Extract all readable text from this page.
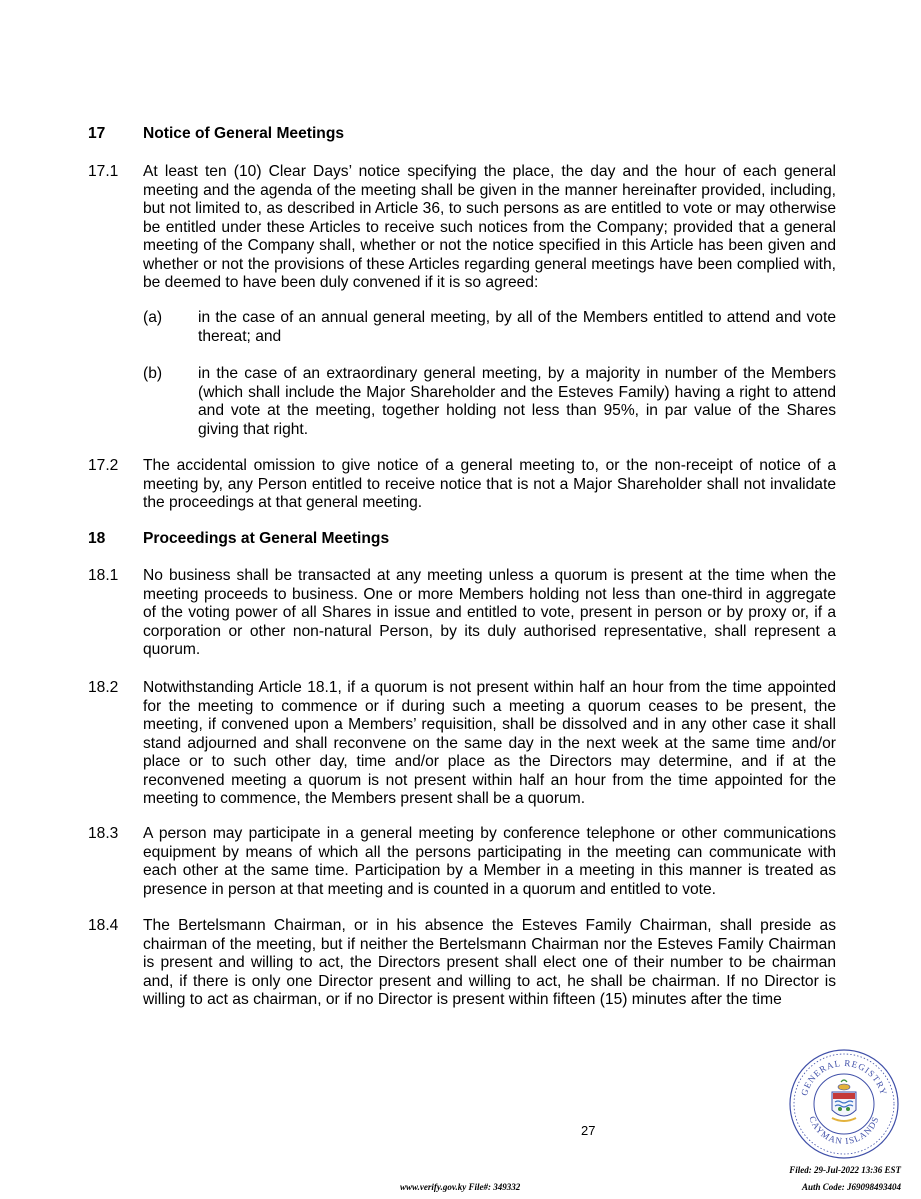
17 Notice of General Meetings
17.1 At least ten (10) Clear Days’ notice specifying the place, the day and the hour of each general meeting and the agenda of the meeting shall be given in the manner hereinafter provided, including, but not limited to, as described in Article 36, to such persons as are entitled to vote or may otherwise be entitled under these Articles to receive such notices from the Company; provided that a general meeting of the Company shall, whether or not the notice specified in this Article has been given and whether or not the provisions of these Articles regarding general meetings have been complied with, be deemed to have been duly convened if it is so agreed:
(a) in the case of an annual general meeting, by all of the Members entitled to attend and vote thereat; and
(b) in the case of an extraordinary general meeting, by a majority in number of the Members (which shall include the Major Shareholder and the Esteves Family) having a right to attend and vote at the meeting, together holding not less than 95%, in par value of the Shares giving that right.
17.2 The accidental omission to give notice of a general meeting to, or the non-receipt of notice of a meeting by, any Person entitled to receive notice that is not a Major Shareholder shall not invalidate the proceedings at that general meeting.
18 Proceedings at General Meetings
18.1 No business shall be transacted at any meeting unless a quorum is present at the time when the meeting proceeds to business. One or more Members holding not less than one-third in aggregate of the voting power of all Shares in issue and entitled to vote, present in person or by proxy or, if a corporation or other non-natural Person, by its duly authorised representative, shall represent a quorum.
18.2 Notwithstanding Article 18.1, if a quorum is not present within half an hour from the time appointed for the meeting to commence or if during such a meeting a quorum ceases to be present, the meeting, if convened upon a Members’ requisition, shall be dissolved and in any other case it shall stand adjourned and shall reconvene on the same day in the next week at the same time and/or place or to such other day, time and/or place as the Directors may determine, and if at the reconvened meeting a quorum is not present within half an hour from the time appointed for the meeting to commence, the Members present shall be a quorum.
18.3 A person may participate in a general meeting by conference telephone or other communications equipment by means of which all the persons participating in the meeting can communicate with each other at the same time. Participation by a Member in a meeting in this manner is treated as presence in person at that meeting and is counted in a quorum and entitled to vote.
18.4 The Bertelsmann Chairman, or in his absence the Esteves Family Chairman, shall preside as chairman of the meeting, but if neither the Bertelsmann Chairman nor the Esteves Family Chairman is present and willing to act, the Directors present shall elect one of their number to be chairman and, if there is only one Director present and willing to act, he shall be chairman. If no Director is willing to act as chairman, or if no Director is present within fifteen (15) minutes after the time
27
GENERAL REGISTRY
CAYMAN ISLANDS
Filed: 29-Jul-2022 13:36 EST
www.verify.gov.ky File#: 349332	Auth Code: J69098493404
